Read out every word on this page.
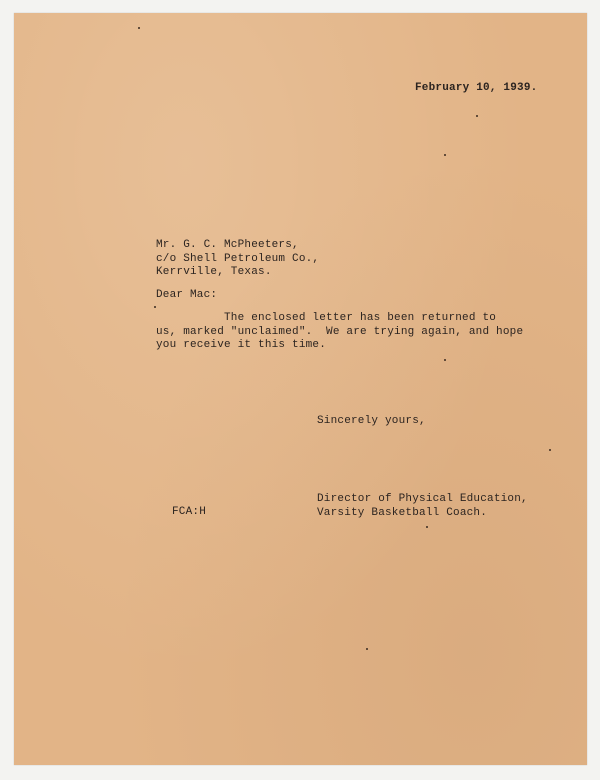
February 10, 1939.
Mr. G. C. McPheeters,
c/o Shell Petroleum Co.,
Kerrville, Texas.
Dear Mac:
The enclosed letter has been returned to
us, marked "unclaimed".  We are trying again, and hope
you receive it this time.
Sincerely yours,
FCA:H
Director of Physical Education,
Varsity Basketball Coach.
